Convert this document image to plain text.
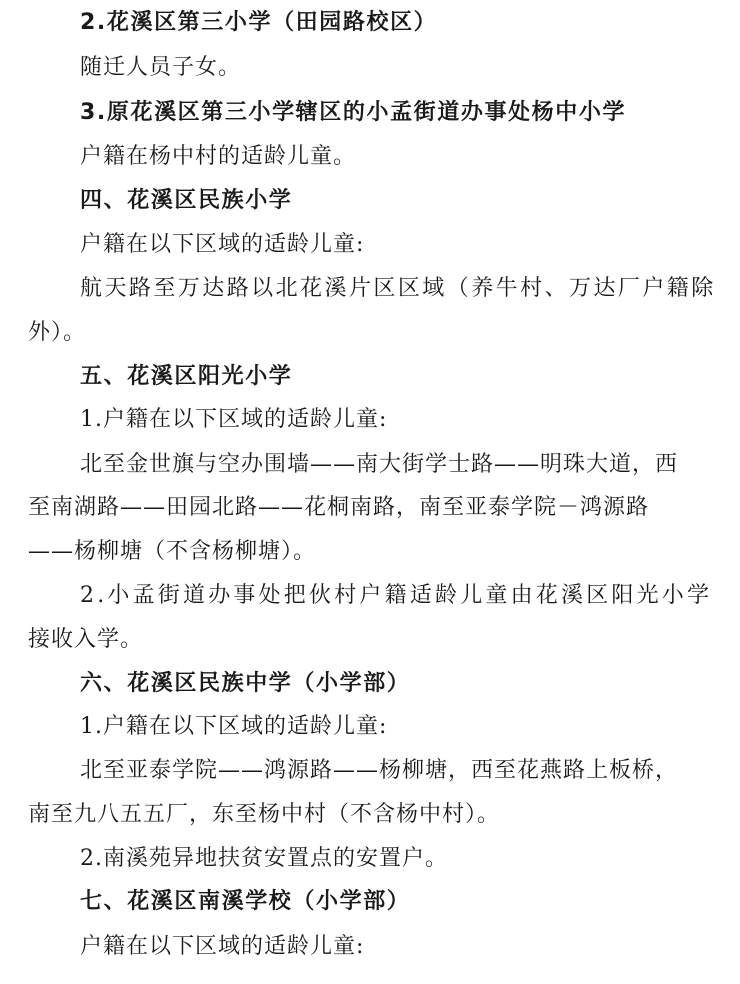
2.花溪区第三小学（田园路校区）
随迁人员子女。
3.原花溪区第三小学辖区的小孟街道办事处杨中小学
户籍在杨中村的适龄儿童。
四、花溪区民族小学
户籍在以下区域的适龄儿童:
航天路至万达路以北花溪片区区域（养牛村、万达厂户籍除
外）。
五、花溪区阳光小学
1.户籍在以下区域的适龄儿童:
北至金世旗与空办围墙——南大街学士路——明珠大道，西
至南湖路——田园北路——花桐南路，南至亚泰学院－鸿源路
——杨柳塘（不含杨柳塘）。
2.小孟街道办事处把伙村户籍适龄儿童由花溪区阳光小学
接收入学。
六、花溪区民族中学（小学部）
1.户籍在以下区域的适龄儿童:
北至亚泰学院——鸿源路——杨柳塘，西至花燕路上板桥，
南至九八五五厂，东至杨中村（不含杨中村）。
2.南溪苑异地扶贫安置点的安置户。
七、花溪区南溪学校（小学部）
户籍在以下区域的适龄儿童:
